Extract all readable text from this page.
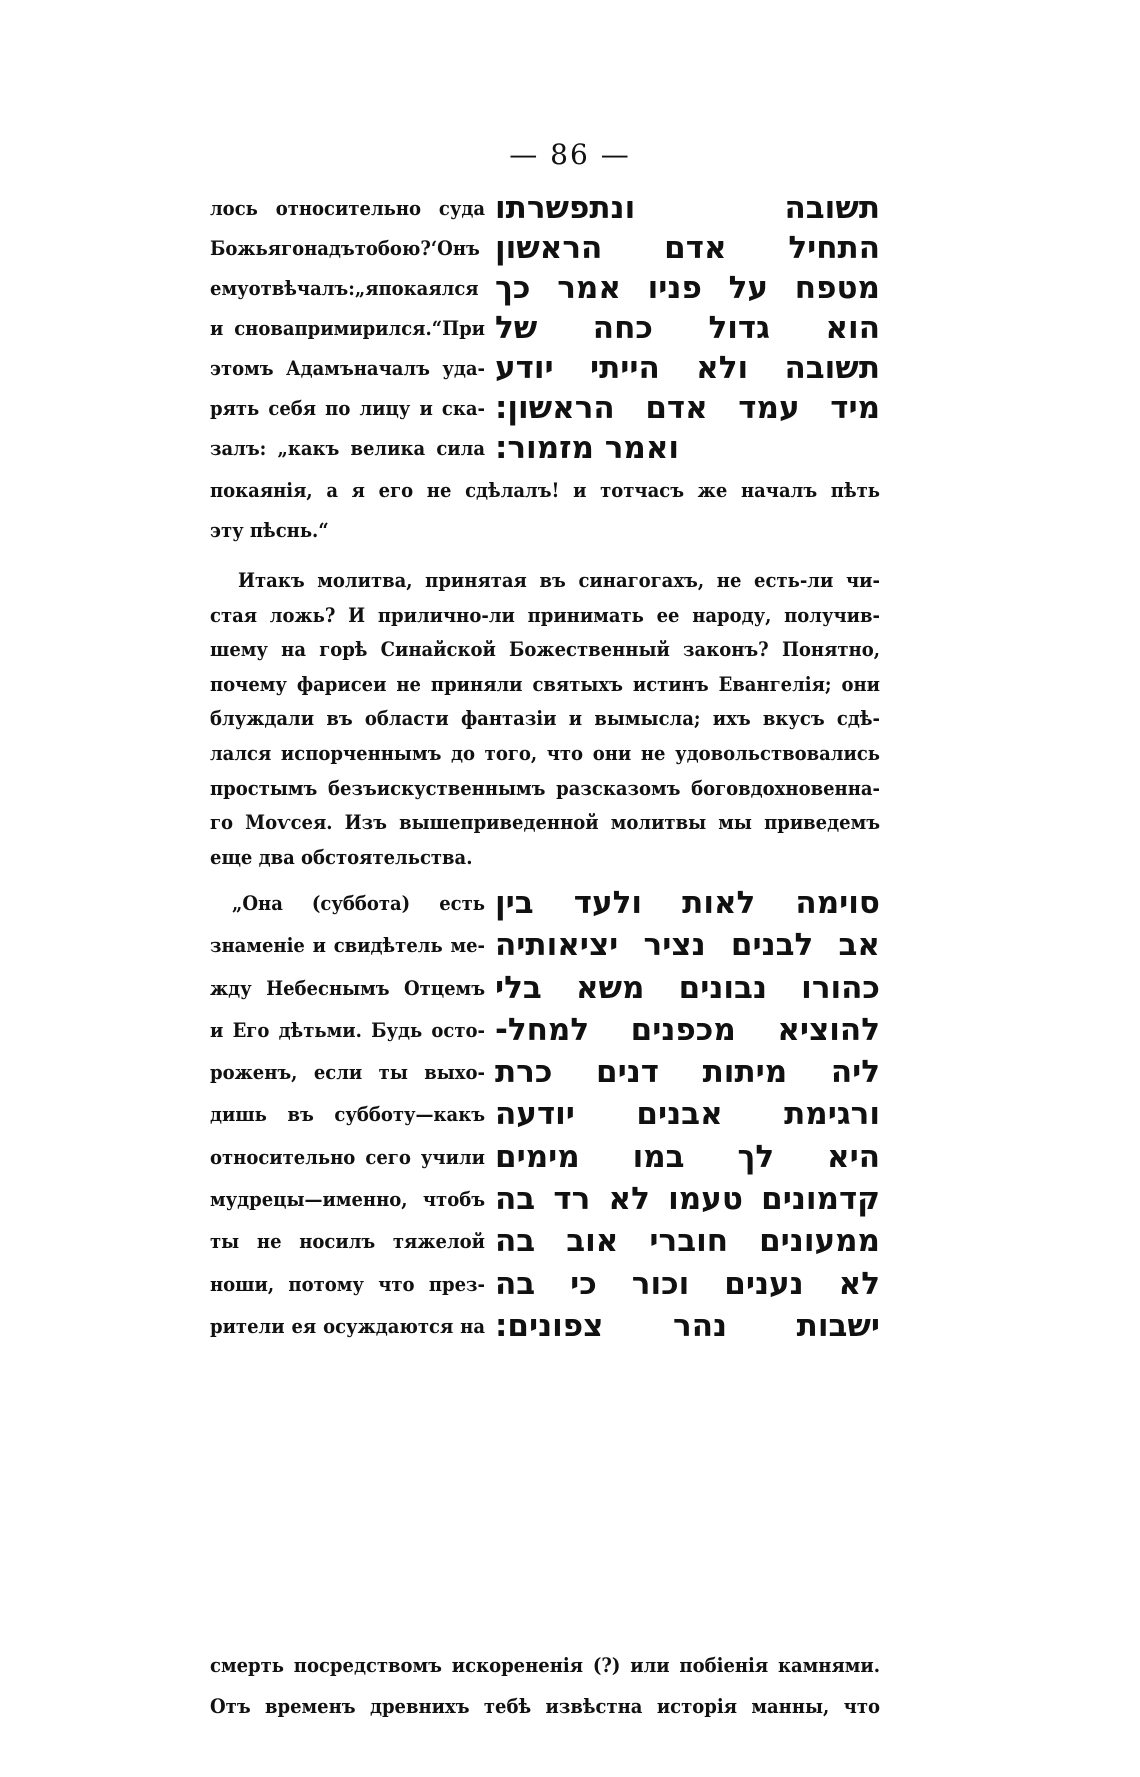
— 86 —
лось относительно суда
Божьягонадътобою?‘Онъ
емуотвѣчалъ:„япокаялся
и сновапримирился.“При
этомъ Адамъначалъ уда-
рять себя по лицу и ска-
залъ: „какъ велика сила
תשובה ונתפשרתו
התחיל אדם הראשון
מטפח על פניו אמר כך
הוא גדול כחה של
תשובה ולא הייתי יודע
מיד עמד אדם הראשון:
ואמר מזמור:
покаянія, а я его не сдѣлалъ! и тотчасъ же началъ пѣть
эту пѣснь.“
Итакъ молитва, принятая въ синагогахъ, не есть-ли чи-
стая ложь? И прилично-ли принимать ее народу, получив-
шему на горѣ Синайской Божественный законъ? Понятно,
почему фарисеи не приняли святыхъ истинъ Евангелія; они
блуждали въ области фантазіи и вымысла; ихъ вкусъ сдѣ-
лался испорченнымъ до того, что они не удовольствовались
простымъ безъискуственнымъ разсказомъ боговдохновенна-
го Моѵсея. Изъ вышеприведенной молитвы мы приведемъ
еще два обстоятельства.
„Она (суббота) есть
знаменіе и свидѣтель ме-
жду Небеснымъ Отцемъ
и Его дѣтьми. Будь осто-
роженъ, если ты выхо-
дишь въ субботу—какъ
относительно сего учили
мудрецы—именно, чтобъ
ты не носилъ тяжелой
ноши, потому что през-
рители ея осуждаются на
סוימה לאות ולעד בין
אב לבנים נציר יציאותיה
כהורו נבונים משא בלי
להוציא מכפנים למחל-
ליה מיתות דנים כרת
ורגימת אבנים יודעה
היא לך במו מימים
קדמונים טעמו לא רד בה
ממעונים חוברי אוב בה
לא נענים וכור כי בה
ישבות נהר צפונים:
смерть посредствомъ искорененія (?) или побіенія камнями.
Отъ временъ древнихъ тебѣ извѣстна исторія манны, что
